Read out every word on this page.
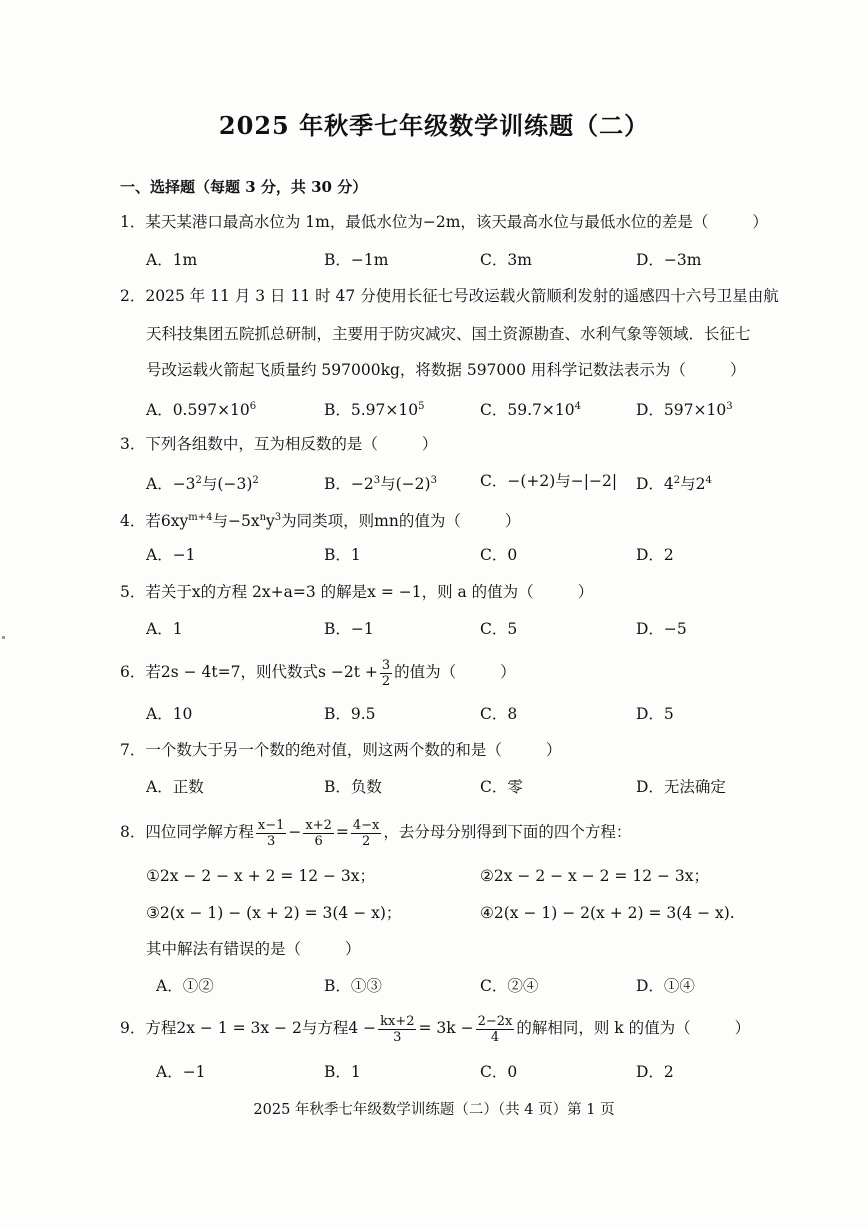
2025 年秋季七年级数学训练题（二）
一、选择题（每题 3 分，共 30 分）
1．某天某港口最高水位为 1m，最低水位为−2m，该天最高水位与最低水位的差是（	）
A．1m	B．−1m	C．3m	D．−3m
2．2025 年 11 月 3 日 11 时 47 分使用长征七号改运载火箭顺利发射的遥感四十六号卫星由航
天科技集团五院抓总研制，主要用于防灾减灾、国土资源勘查、水利气象等领域．长征七
号改运载火箭起飞质量约 597000kg，将数据 597000 用科学记数法表示为（	）
A．$0.597\times 10^6$	B．$5.97\times 10^5$	C．$59.7\times 10^4$	D．$597\times 10^3$
3．下列各组数中，互为相反数的是（	）
A．$-3^2$与$(-3)^2$	B．$-2^3$与$(-2)^3$	C．−(+2)与−|−2| D．$4^2$与$2^4$
4．若$6xy^{m+4}$与$-5x^ny^3$为同类项，则mn的值为（	）
A．−1	B．1	C．0	D．2
5．若关于x的方程 2x+a=3 的解是x = −1，则 a 的值为（	）
A．1	B．−1	C．5	D．−5
6．若2s − 4t=7，则代数式$s -2t + \frac{3}{2}$ 的值为（	）
A．10	B．9.5	C．8	D．5
7．一个数大于另一个数的绝对值，则这两个数的和是（	）
A．正数	B．负数	C．零	D．无法确定
8．四位同学解方程 $\frac{x-1}{3} - \frac{x+2}{6} = \frac{4-x}{2}$ ，去分母分别得到下面的四个方程：
①2x − 2 − x + 2 = 12 − 3x；	②2x − 2 − x − 2 = 12 − 3x；
③2(x − 1) − (x + 2) = 3(4 − x)；	④2(x − 1) − 2(x + 2) = 3(4 − x).
其中解法有错误的是（	）
A．①②	B．①③	C．②④	D．①④
9．方程2x − 1 = 3x − 2与方程$4 - \frac{kx+2}{3} = 3k - \frac{2-2x}{4}$ 的解相同，则 k 的值为（	）
A．−1	B．1	C．0	D．2
2025 年秋季七年级数学训练题（二）（共 4 页）第 1 页
